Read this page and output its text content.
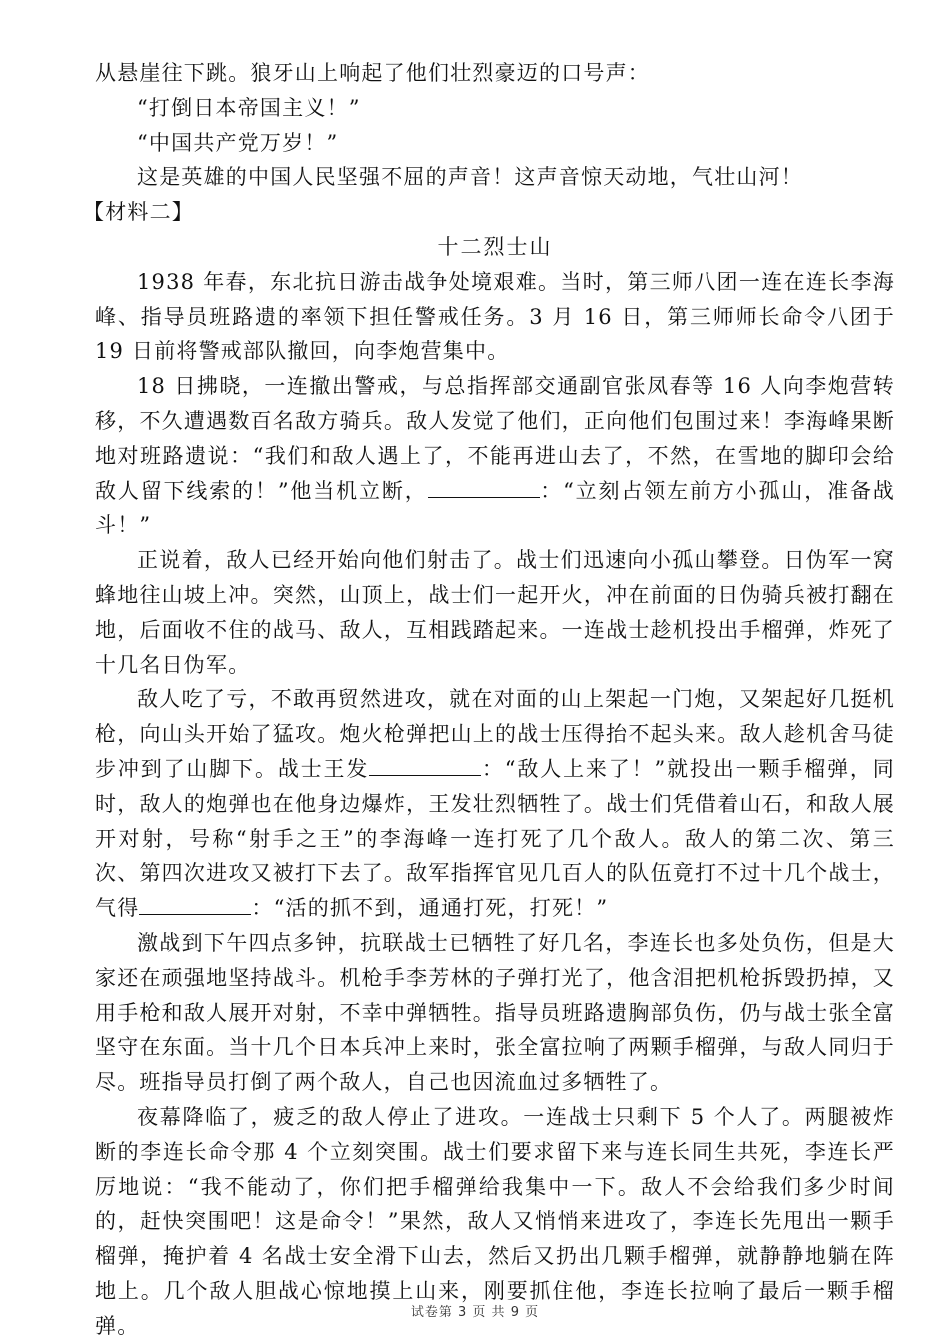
从悬崖往下跳。狼牙山上响起了他们壮烈豪迈的口号声：

“打倒日本帝国主义！”

“中国共产党万岁！”

这是英雄的中国人民坚强不屈的声音！这声音惊天动地，气壮山河！

【材料二】

十二烈士山

1938 年春，东北抗日游击战争处境艰难。当时，第三师八团一连在连长李海峰、指导员班路遗的率领下担任警戒任务。3 月 16 日，第三师师长命令八团于 19 日前将警戒部队撤回，向李炮营集中。

18 日拂晓，一连撤出警戒，与总指挥部交通副官张凤春等 16 人向李炮营转移，不久遭遇数百名敌方骑兵。敌人发觉了他们，正向他们包围过来！李海峰果断地对班路遗说：“我们和敌人遇上了，不能再进山去了，不然，在雪地的脚印会给敌人留下线索的！”他当机立断，	：“立刻占领左前方小孤山，准备战斗！”

正说着，敌人已经开始向他们射击了。战士们迅速向小孤山攀登。日伪军一窝蜂地往山坡上冲。突然，山顶上，战士们一起开火，冲在前面的日伪骑兵被打翻在地，后面收不住的战马、敌人，互相践踏起来。一连战士趁机投出手榴弹，炸死了十几名日伪军。

敌人吃了亏，不敢再贸然进攻，就在对面的山上架起一门炮，又架起好几挺机枪，向山头开始了猛攻。炮火枪弹把山上的战士压得抬不起头来。敌人趁机舍马徒步冲到了山脚下。战士王发	：“敌人上来了！”就投出一颗手榴弹，同时，敌人的炮弹也在他身边爆炸，王发壮烈牺牲了。战士们凭借着山石，和敌人展开对射，号称“射手之王”的李海峰一连打死了几个敌人。敌人的第二次、第三次、第四次进攻又被打下去了。敌军指挥官见几百人的队伍竟打不过十几个战士，气得	：“活的抓不到，通通打死，打死！”

激战到下午四点多钟，抗联战士已牺牲了好几名，李连长也多处负伤，但是大家还在顽强地坚持战斗。机枪手李芳林的子弹打光了，他含泪把机枪拆毁扔掉，又用手枪和敌人展开对射，不幸中弹牺牲。指导员班路遗胸部负伤，仍与战士张全富坚守在东面。当十几个日本兵冲上来时，张全富拉响了两颗手榴弹，与敌人同归于尽。班指导员打倒了两个敌人，自己也因流血过多牺牲了。

夜幕降临了，疲乏的敌人停止了进攻。一连战士只剩下 5 个人了。两腿被炸断的李连长命令那 4 个立刻突围。战士们要求留下来与连长同生共死，李连长严厉地说：“我不能动了，你们把手榴弹给我集中一下。敌人不会给我们多少时间的，赶快突围吧！这是命令！”果然，敌人又悄悄来进攻了，李连长先甩出一颗手榴弹，掩护着 4 名战士安全滑下山去，然后又扔出几颗手榴弹，就静静地躺在阵地上。几个敌人胆战心惊地摸上山来，刚要抓住他，李连长拉响了最后一颗手榴弹。

试卷第 3 页 共 9 页
